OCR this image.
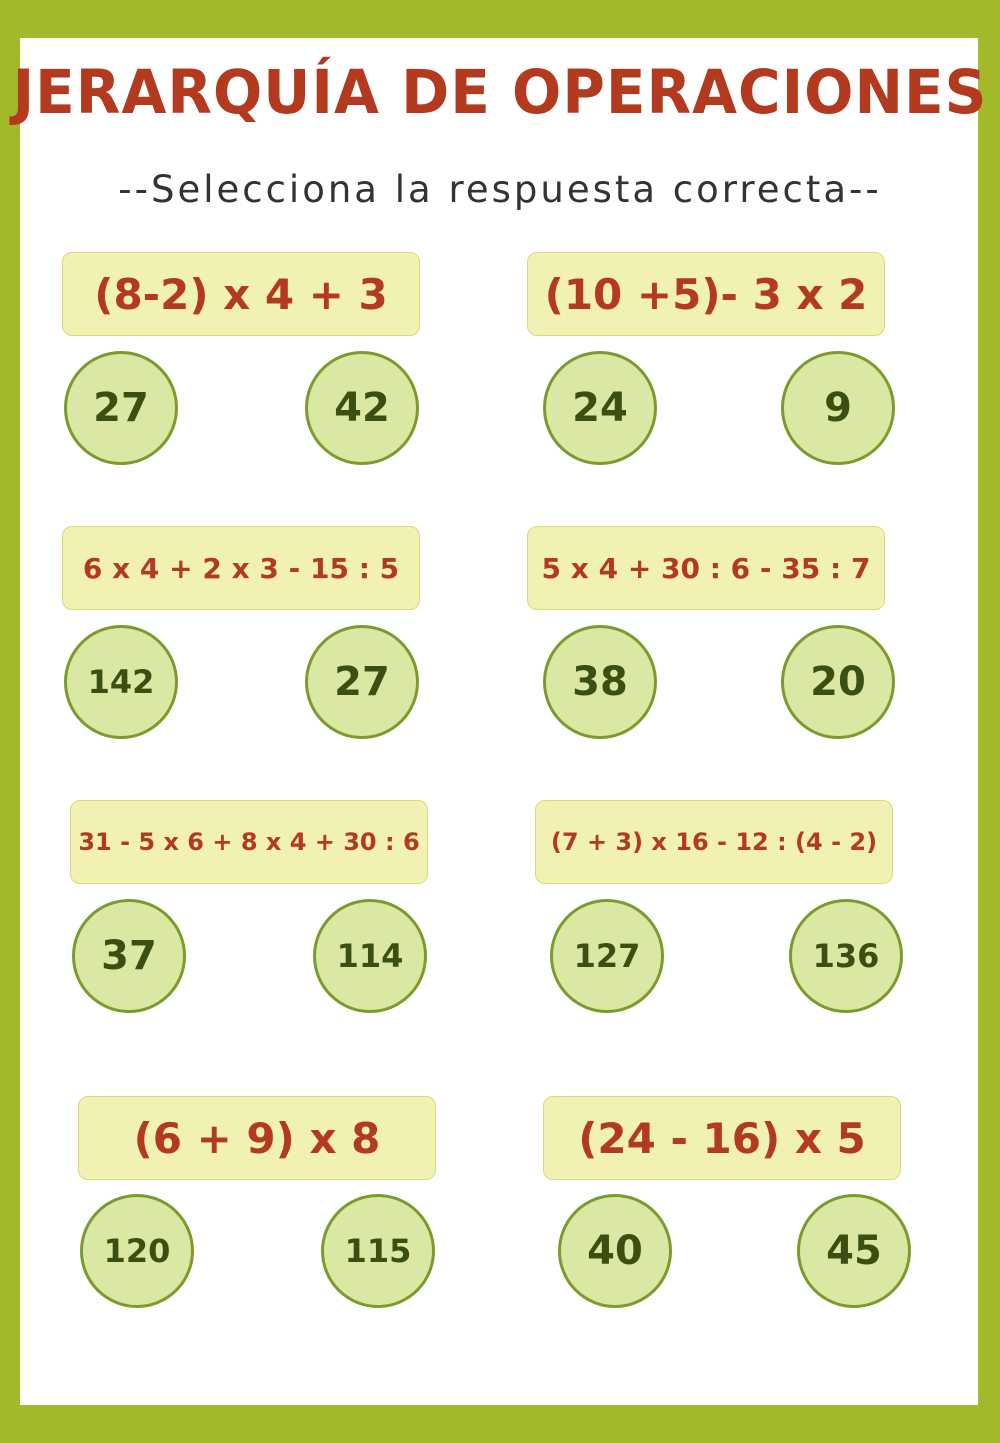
JERARQUÍA DE OPERACIONES
--Selecciona la respuesta correcta--
(8-2) x 4 + 3
27	42
(10 +5)- 3 x 2
24	9
6 x 4 + 2 x 3 - 15 : 5
142	27
5 x 4 + 30 : 6 - 35 : 7
38	20
31 - 5 x 6 + 8 x 4 + 30 : 6
37	114
(7 + 3) x 16 - 12 : (4 - 2)
127	136
(6 + 9) x 8
120	115
(24 - 16) x 5
40	45
